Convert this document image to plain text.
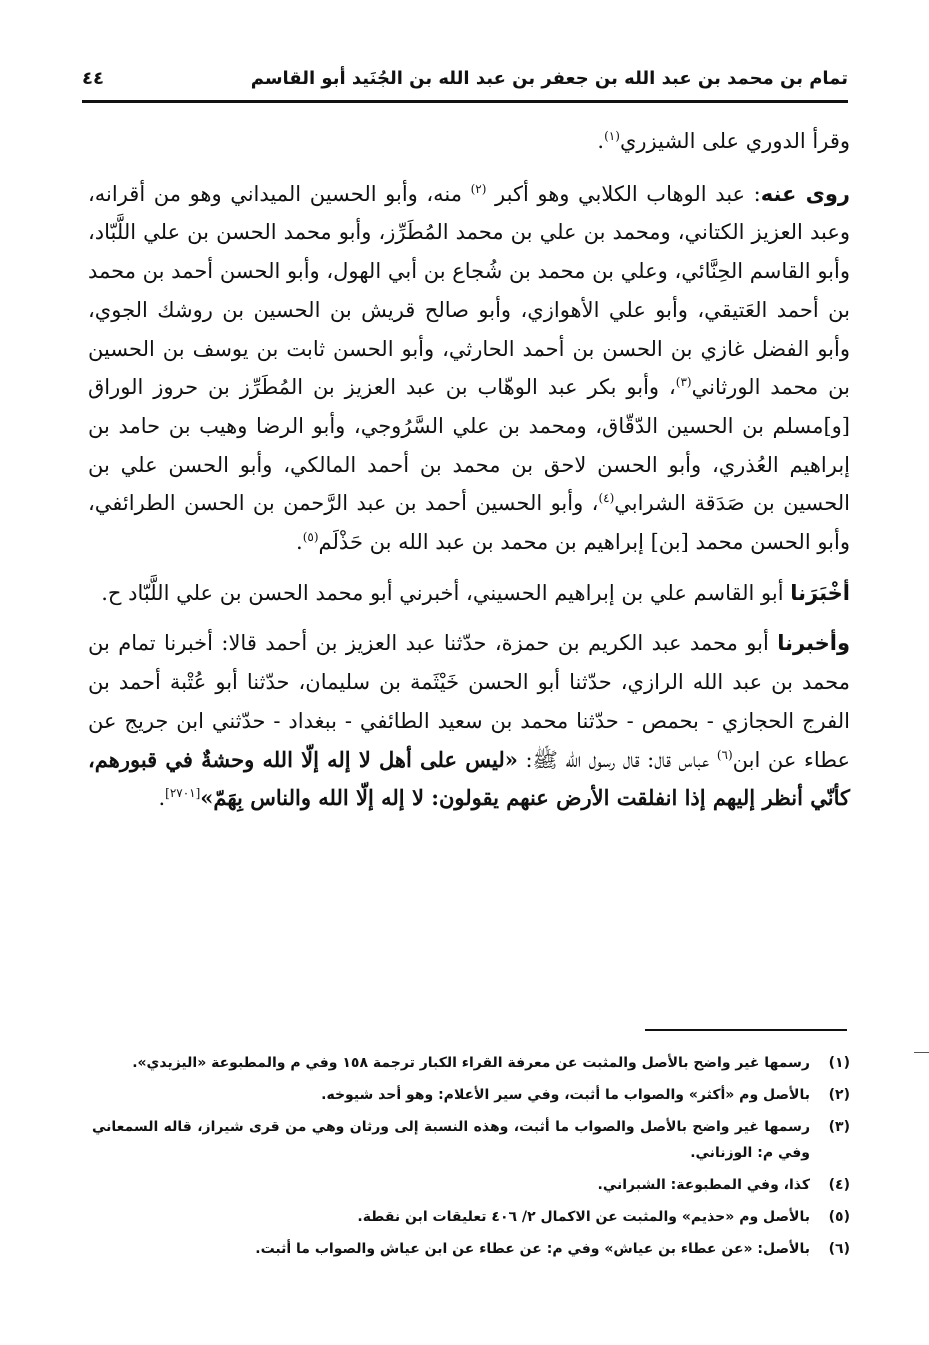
تمام بن محمد بن عبد الله بن جعفر بن عبد الله بن الجُنَيد أبو القاسم
٤٤

وقرأ الدوري على الشيزري$^{(١)}$.

روى عنه: عبد الوهاب الكلابي وهو أكبر $^{(٢)}$ منه، وأبو الحسين الميداني وهو من أقرانه، وعبد العزيز الكتاني، ومحمد بن علي بن محمد المُطَرِّز، وأبو محمد الحسن بن علي اللَّبّاد، وأبو القاسم الحِنَّائي، وعلي بن محمد بن شُجاع بن أبي الهول، وأبو الحسن أحمد بن محمد بن أحمد العَتيقي، وأبو علي الأهوازي، وأبو صالح قريش بن الحسين بن روشك الجوي، وأبو الفضل غازي بن الحسن بن أحمد الحارثي، وأبو الحسن ثابت بن يوسف بن الحسين بن محمد الورثاني$^{(٣)}$، وأبو بكر عبد الوهّاب بن عبد العزيز بن المُطَرِّز بن حروز الوراق [و]مسلم بن الحسين الدّقّاق، ومحمد بن علي السَّرُوجي، وأبو الرضا وهيب بن حامد بن إبراهيم العُذري، وأبو الحسن لاحق بن محمد بن أحمد المالكي، وأبو الحسن علي بن الحسين بن صَدَقة الشرابي$^{(٤)}$، وأبو الحسين أحمد بن عبد الرَّحمن بن الحسن الطرائفي، وأبو الحسن محمد [بن] إبراهيم بن محمد بن عبد الله بن حَذْلَم$^{(٥)}$.

أخْبَرَنا أبو القاسم علي بن إبراهيم الحسيني، أخبرني أبو محمد الحسن بن علي اللَّبّاد ح.

وأخبرنا أبو محمد عبد الكريم بن حمزة، حدّثنا عبد العزيز بن أحمد قالا: أخبرنا تمام بن محمد بن عبد الله الرازي، حدّثنا أبو الحسن خَيْثَمة بن سليمان، حدّثنا أبو عُتْبة أحمد بن الفرج الحجازي - بحمص - حدّثنا محمد بن سعيد الطائفي - ببغداد - حدّثني ابن جريج عن عطاء عن ابن$^{(٦)}$ عباس قال: قال رسول الله ﷺ: «ليس على أهل لا إله إلّا الله وحشةٌ في قبورهم، كأنّي أنظر إليهم إذا انفلقت الأرض عنهم يقولون: لا إله إلّا الله والناس بِهَمّ»[٢٧٠١].

(١)
رسمها غير واضح بالأصل والمثبت عن معرفة القراء الكبار ترجمة ١٥٨ وفي م والمطبوعة «اليزيدي».
(٢)
بالأصل وم «أكثر» والصواب ما أثبت، وفي سير الأعلام: وهو أحد شيوخه.
(٣)
رسمها غير واضح بالأصل والصواب ما أثبت، وهذه النسبة إلى ورثان وهي من قرى شيراز، قاله السمعاني وفي م: الوزناني.
(٤)
كذا، وفي المطبوعة: الشبراني.
(٥)
بالأصل وم «حذيم» والمثبت عن الاكمال ٢/ ٤٠٦ تعليقات ابن نقطة.
(٦)
بالأصل: «عن عطاء بن عياش» وفي م: عن عطاء عن ابن عياش والصواب ما أثبت.
